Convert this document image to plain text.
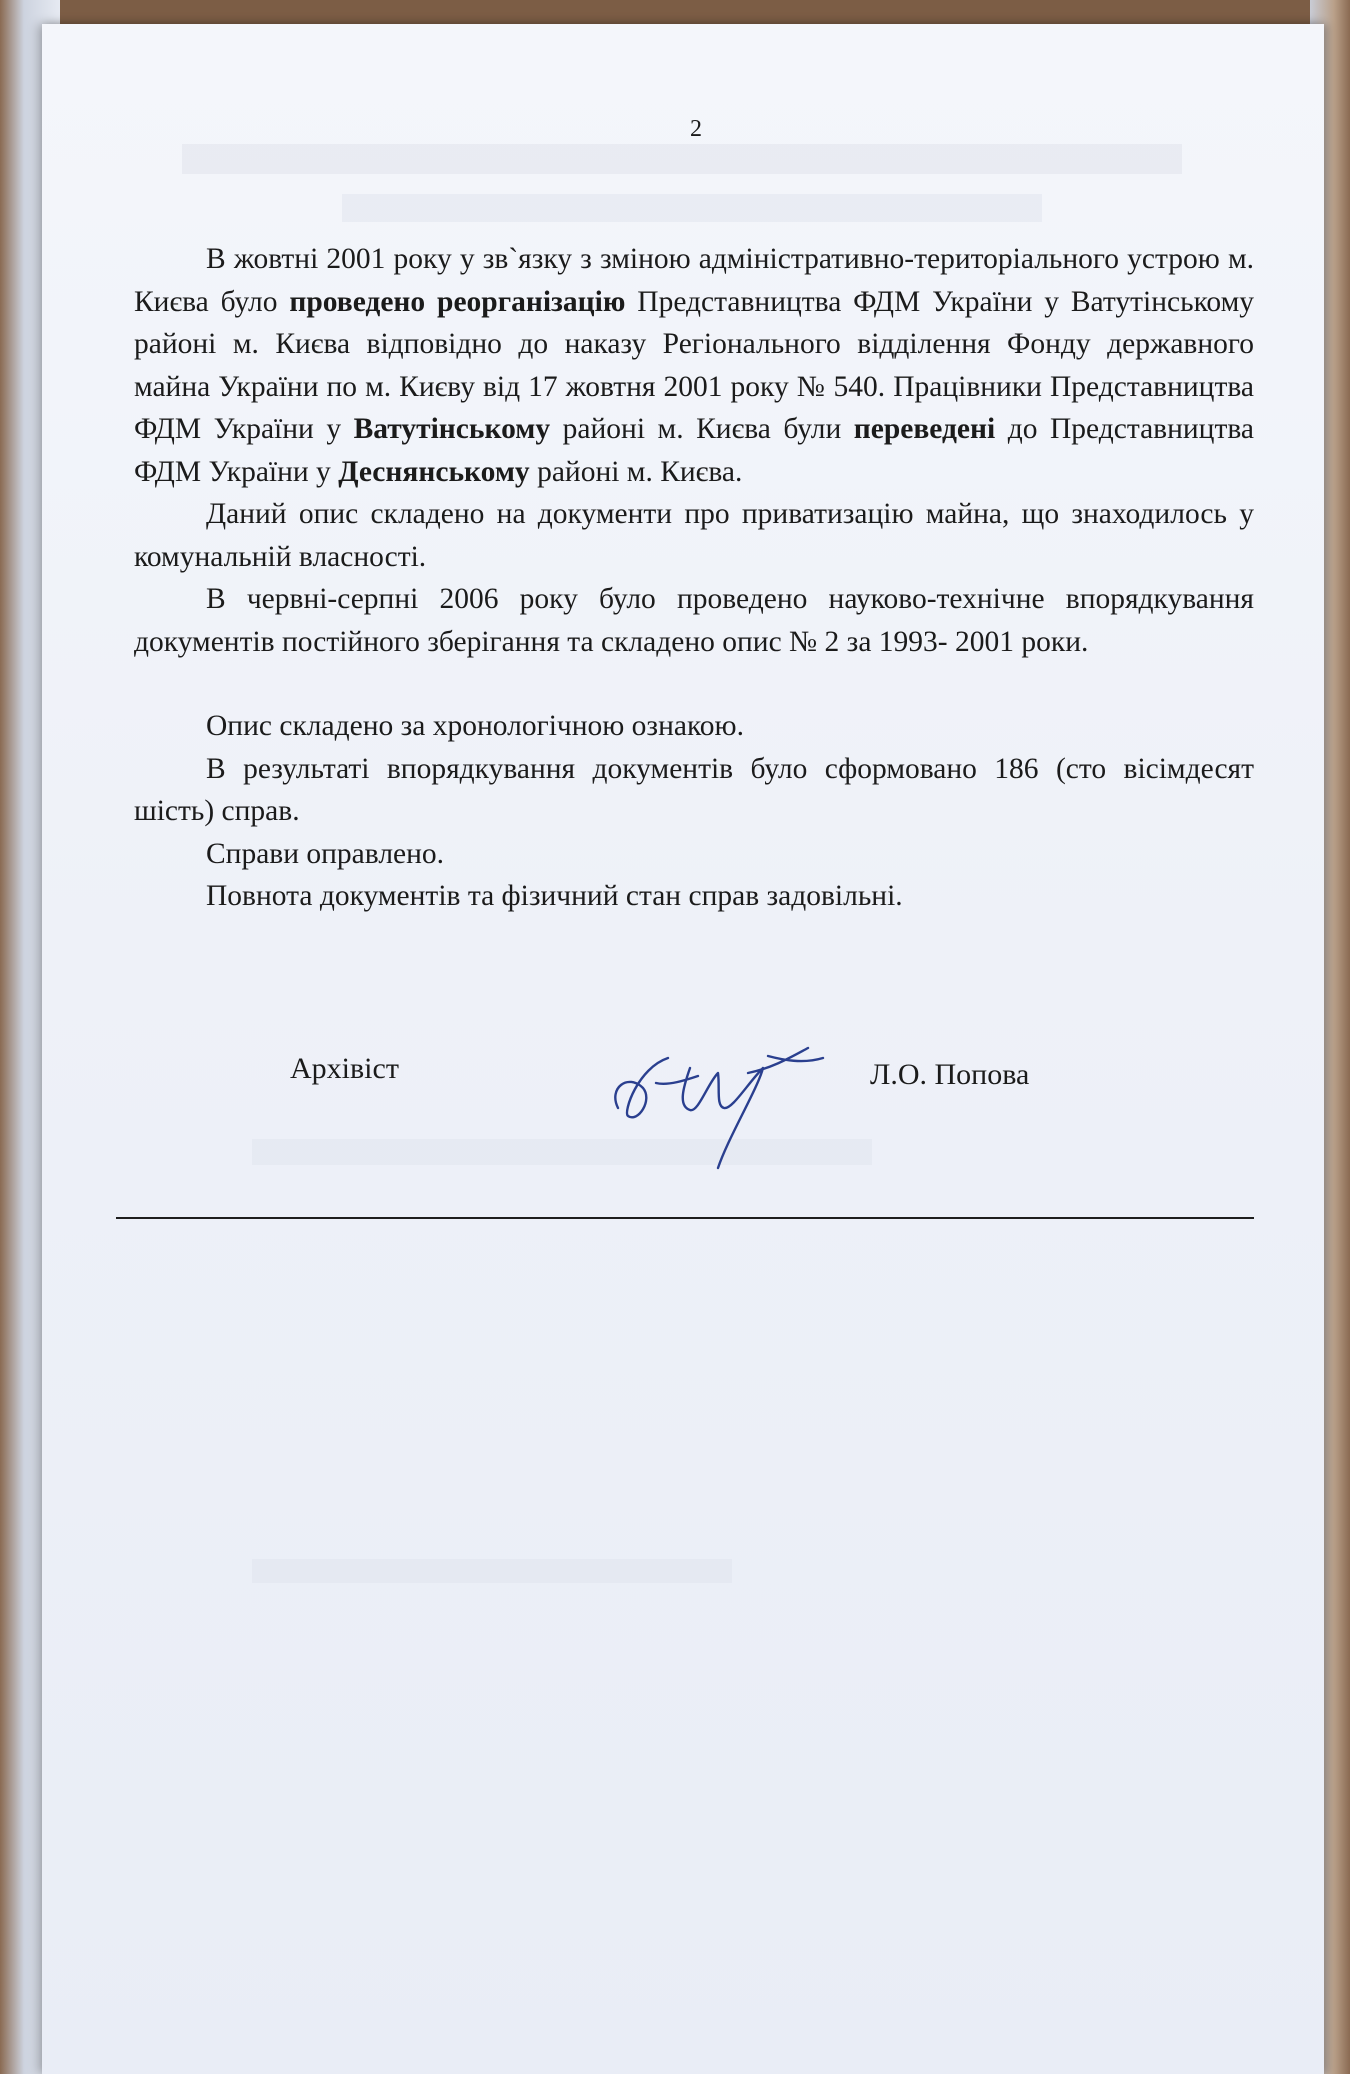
2

В жовтні 2001 року у зв`язку з зміною адміністративно-територіального устрою м. Києва було проведено реорганізацію Представництва ФДМ України у Ватутінському районі м. Києва відповідно до наказу Регіонального відділення Фонду державного майна України по м. Києву від 17 жовтня 2001 року № 540. Працівники Представництва ФДМ України у Ватутінському районі м. Києва були переведені до Представництва ФДМ України у Деснянському районі м. Києва.

Даний опис складено на документи про приватизацію майна, що знаходилось у комунальній власності.

В червні-серпні 2006 року було проведено науково-технічне впорядкування документів постійного зберігання та складено опис № 2 за 1993- 2001 роки.

Опис складено за хронологічною ознакою.

В результаті впорядкування документів було сформовано 186 (сто вісімдесят шість) справ.

Справи оправлено.

Повнота документів та фізичний стан справ задовільні.

Архівіст	Л.О. Попова
